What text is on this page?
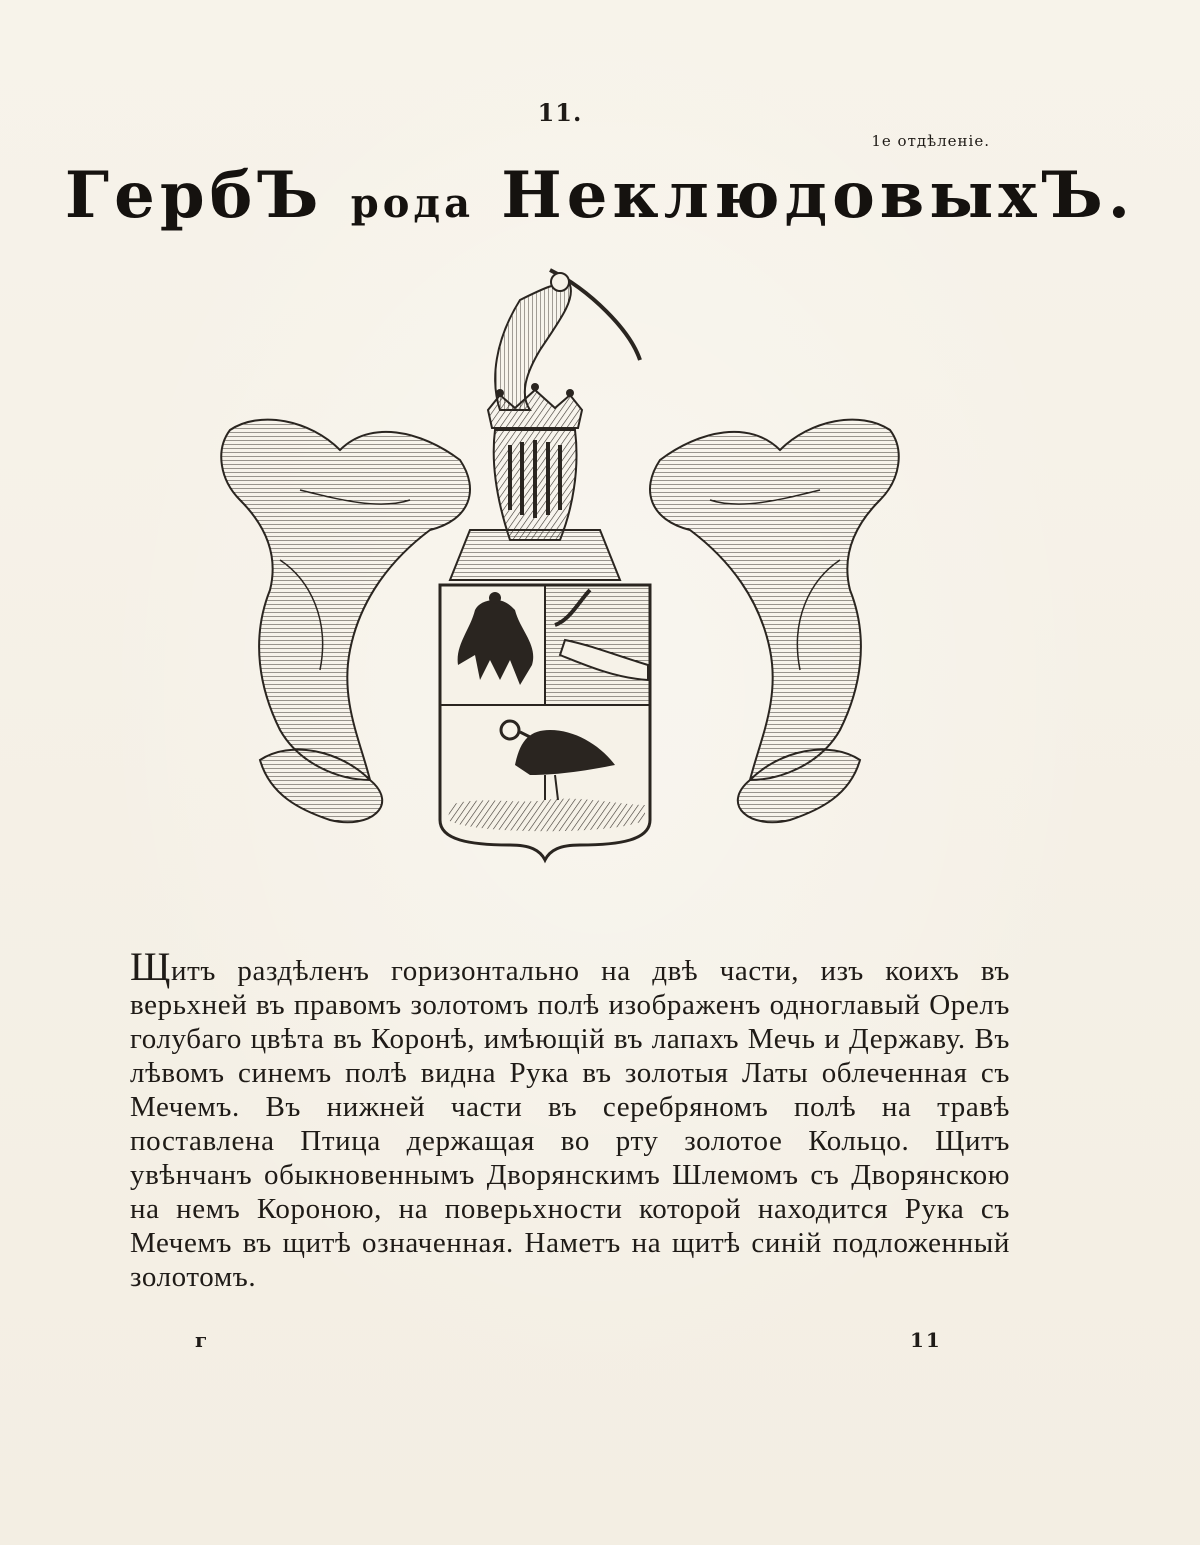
11.
1е отдѣленіе.
ГербЪ рода НеклюдовыхЪ.

Щитъ раздѣленъ горизонтально на двѣ части, изъ коихъ въ верьхней въ правомъ золотомъ полѣ изображенъ одноглавый Орелъ голубаго цвѣта въ Коронѣ, имѣющій въ лапахъ Мечь и Державу. Въ лѣвомъ синемъ полѣ видна Рука въ золотыя Латы облеченная съ Мечемъ. Въ нижней части въ серебряномъ полѣ на травѣ поставлена Птица держащая во рту золотое Кольцо. Щитъ увѣнчанъ обыкновеннымъ Дворянскимъ Шлемомъ съ Дворянскою на немъ Короною, на поверьхности которой находится Рука съ Мечемъ въ щитѣ означенная. Наметъ на щитѣ синій подложенный золотомъ.

г	11
